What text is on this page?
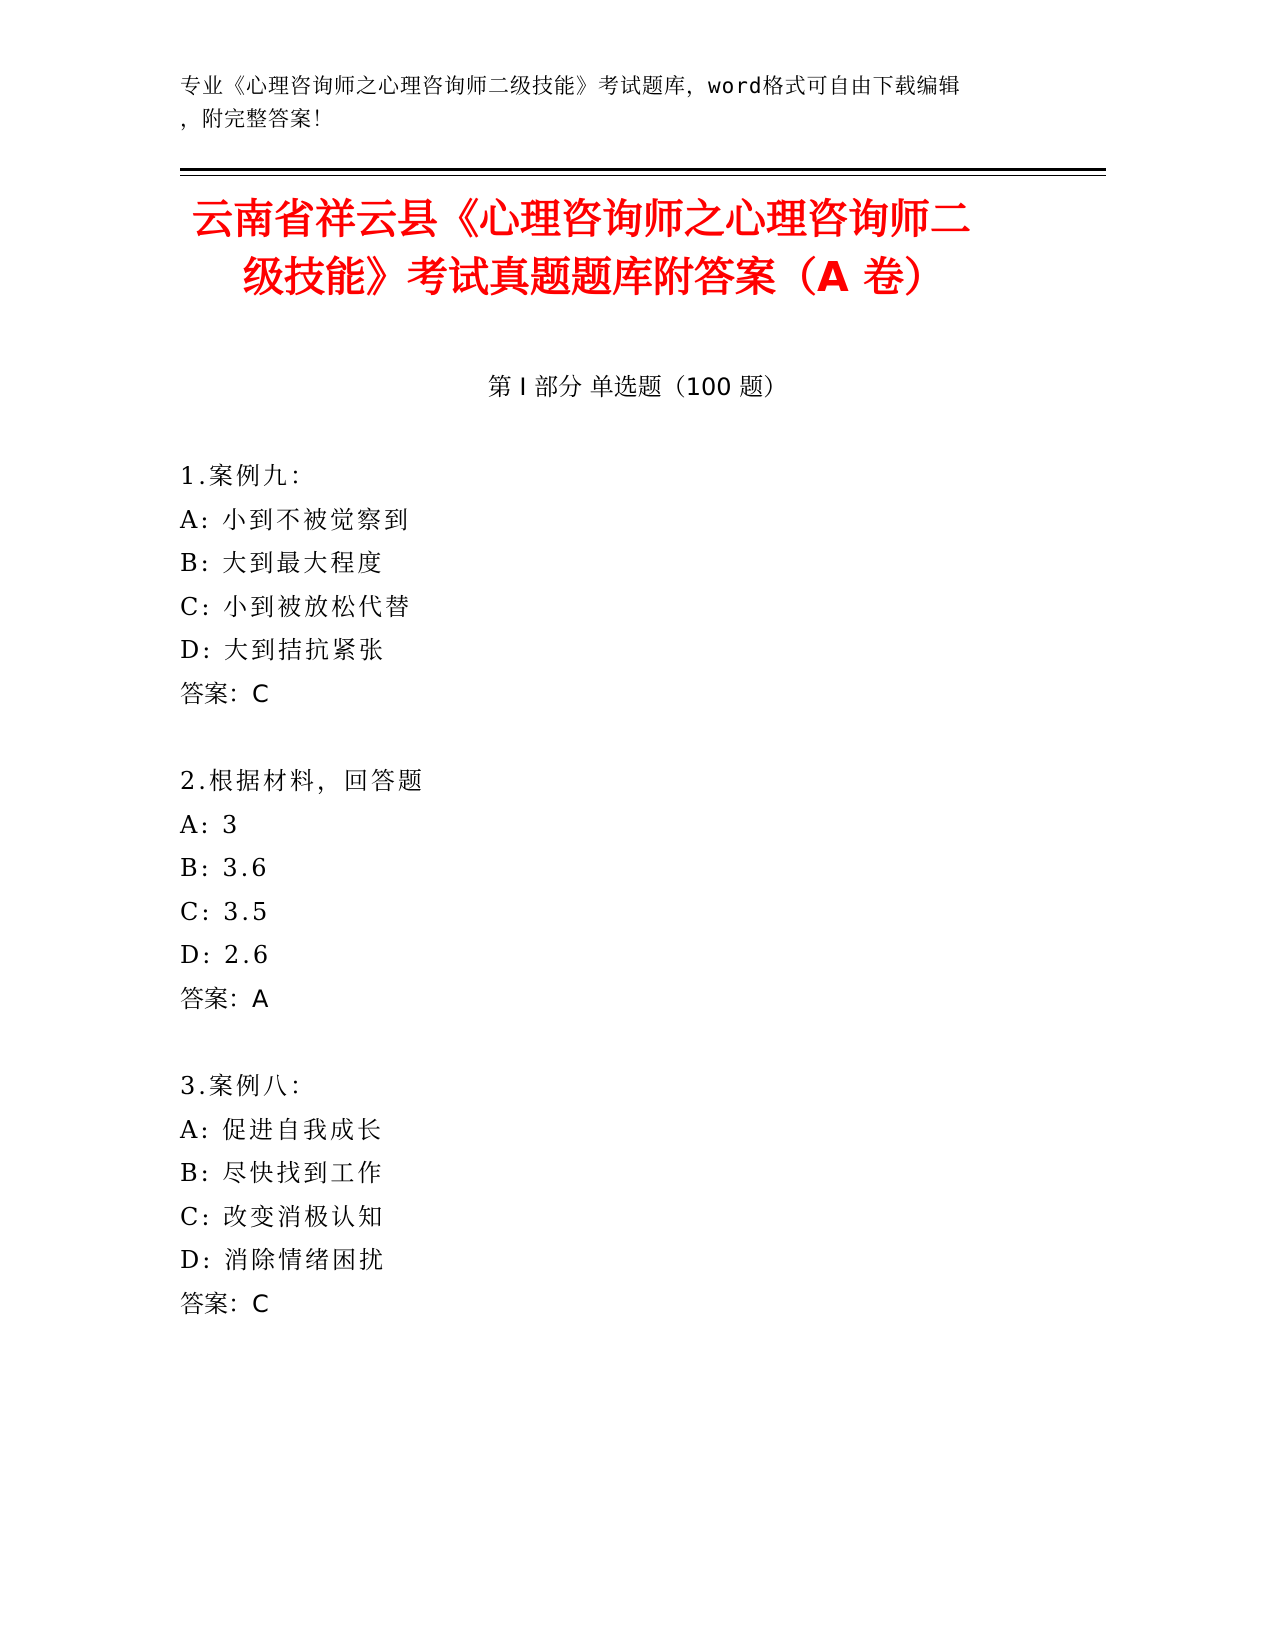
专业《心理咨询师之心理咨询师二级技能》考试题库，word格式可自由下载编辑
，附完整答案！
云南省祥云县《心理咨询师之心理咨询师二
级技能》考试真题题库附答案（A 卷）
第 I 部分 单选题（100 题）
1.案例九：
A: 小到不被觉察到
B: 大到最大程度
C: 小到被放松代替
D: 大到拮抗紧张
答案：C
2.根据材料，回答题
A: 3
B: 3.6
C: 3.5
D: 2.6
答案：A
3.案例八：
A: 促进自我成长
B: 尽快找到工作
C: 改变消极认知
D: 消除情绪困扰
答案：C
